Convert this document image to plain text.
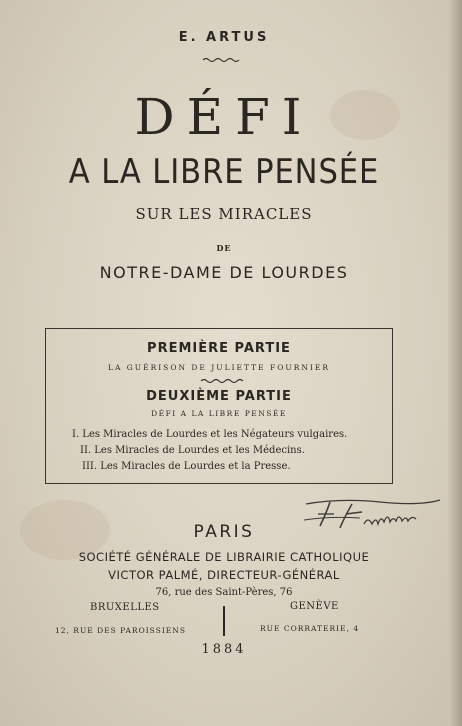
E. ARTUS
DÉFI
A LA LIBRE PENSÉE
SUR LES MIRACLES
DE
NOTRE-DAME DE LOURDES
PREMIÈRE PARTIE
LA GUÉRISON DE JULIETTE FOURNIER
DEUXIÈME PARTIE
DÉFI A LA LIBRE PENSÉE
I. Les Miracles de Lourdes et les Négateurs vulgaires.
II. Les Miracles de Lourdes et les Médecins.
III. Les Miracles de Lourdes et la Presse.
PARIS
SOCIÉTÉ GÉNÉRALE DE LIBRAIRIE CATHOLIQUE
VICTOR PALMÉ, DIRECTEUR-GÉNÉRAL
76, rue des Saint-Pères, 76
BRUXELLES	GENÈVE
12, RUE DES PAROISSIENS	RUE CORRATERIE, 4
1884
